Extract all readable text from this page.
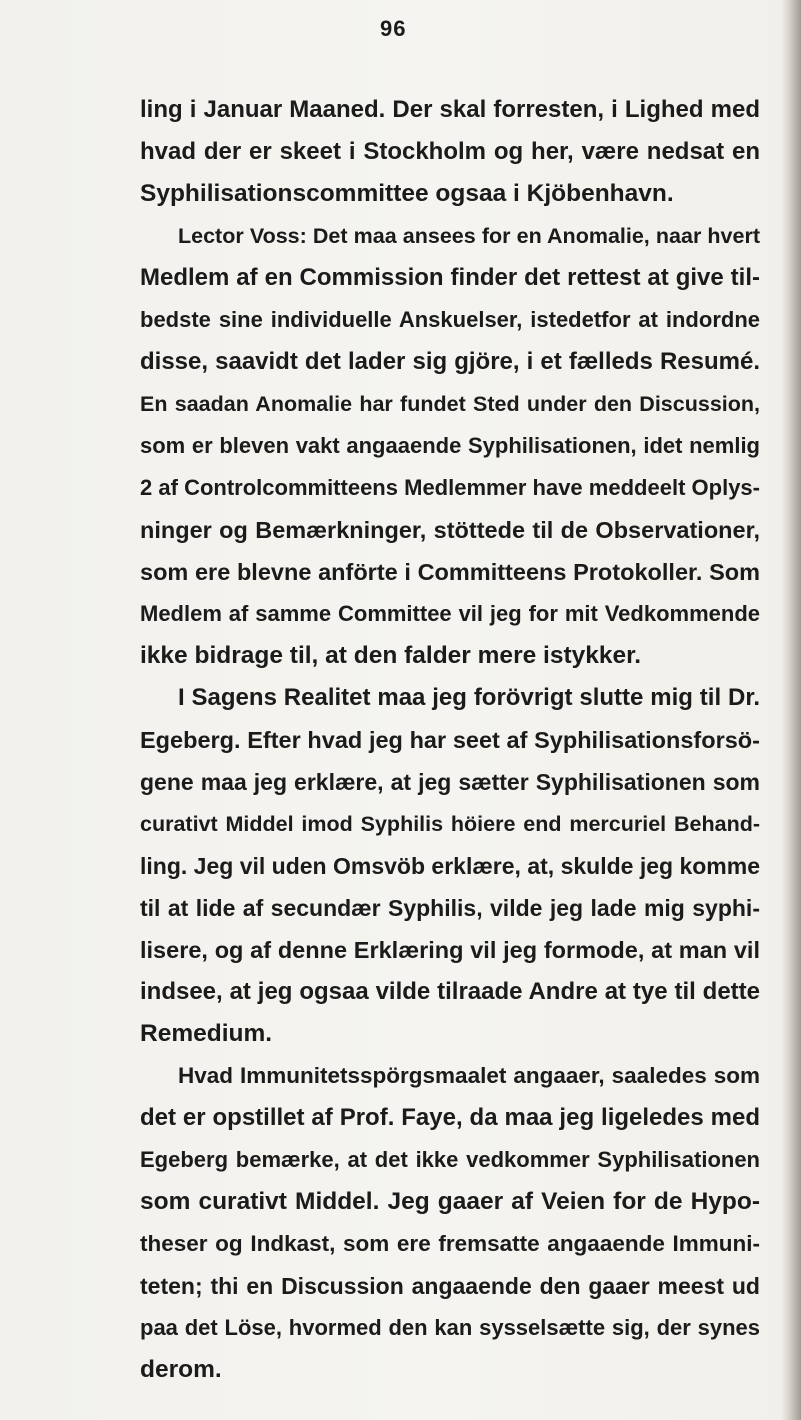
96
ling i Januar Maaned. Der skal forresten, i Lighed med
hvad der er skeet i Stockholm og her, være nedsat en
Syphilisationscommittee ogsaa i Kjöbenhavn.
Lector Voss: Det maa ansees for en Anomalie, naar hvert
Medlem af en Commission finder det rettest at give til-
bedste sine individuelle Anskuelser, istedetfor at indordne
disse, saavidt det lader sig gjöre, i et fælleds Resumé.
En saadan Anomalie har fundet Sted under den Discussion,
som er bleven vakt angaaende Syphilisationen, idet nemlig
2 af Controlcommitteens Medlemmer have meddeelt Oplys-
ninger og Bemærkninger, stöttede til de Observationer,
som ere blevne anförte i Committeens Protokoller. Som
Medlem af samme Committee vil jeg for mit Vedkommende
ikke bidrage til, at den falder mere istykker.
I Sagens Realitet maa jeg forövrigt slutte mig til Dr.
Egeberg. Efter hvad jeg har seet af Syphilisationsforsö-
gene maa jeg erklære, at jeg sætter Syphilisationen som
curativt Middel imod Syphilis höiere end mercuriel Behand-
ling. Jeg vil uden Omsvöb erklære, at, skulde jeg komme
til at lide af secundær Syphilis, vilde jeg lade mig syphi-
lisere, og af denne Erklæring vil jeg formode, at man vil
indsee, at jeg ogsaa vilde tilraade Andre at tye til dette
Remedium.
Hvad Immunitetsspörgsmaalet angaaer, saaledes som
det er opstillet af Prof. Faye, da maa jeg ligeledes med
Egeberg bemærke, at det ikke vedkommer Syphilisationen
som curativt Middel. Jeg gaaer af Veien for de Hypo-
theser og Indkast, som ere fremsatte angaaende Immuni-
teten; thi en Discussion angaaende den gaaer meest ud
paa det Löse, hvormed den kan sysselsætte sig, der synes
derom.
